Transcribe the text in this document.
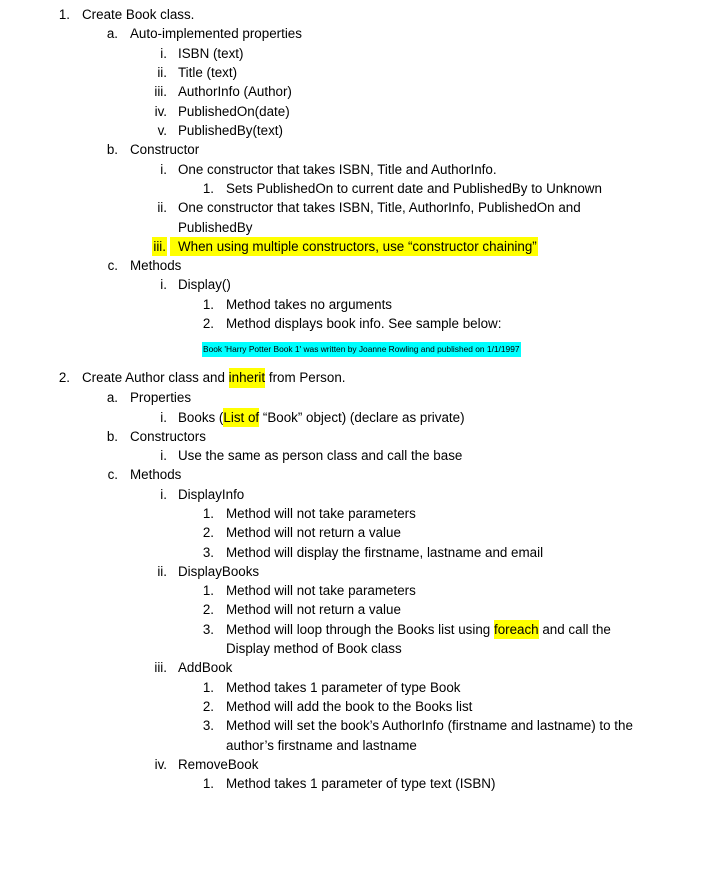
1. Create Book class.
a. Auto-implemented properties
i. ISBN (text)
ii. Title (text)
iii. AuthorInfo (Author)
iv. PublishedOn(date)
v. PublishedBy(text)
b. Constructor
i. One constructor that takes ISBN, Title and AuthorInfo.
1. Sets PublishedOn to current date and PublishedBy to Unknown
ii. One constructor that takes ISBN, Title, AuthorInfo, PublishedOn and
PublishedBy
iii. When using multiple constructors, use “constructor chaining”
c. Methods
i. Display()
1. Method takes no arguments
2. Method displays book info. See sample below:
Book 'Harry Potter Book 1' was written by Joanne Rowling and published on 1/1/1997
2. Create Author class and inherit from Person.
a. Properties
i. Books (List of “Book” object) (declare as private)
b. Constructors
i. Use the same as person class and call the base
c. Methods
i. DisplayInfo
1. Method will not take parameters
2. Method will not return a value
3. Method will display the firstname, lastname and email
ii. DisplayBooks
1. Method will not take parameters
2. Method will not return a value
3. Method will loop through the Books list using foreach and call the
Display method of Book class
iii. AddBook
1. Method takes 1 parameter of type Book
2. Method will add the book to the Books list
3. Method will set the book’s AuthorInfo (firstname and lastname) to the
author’s firstname and lastname
iv. RemoveBook
1. Method takes 1 parameter of type text (ISBN)
